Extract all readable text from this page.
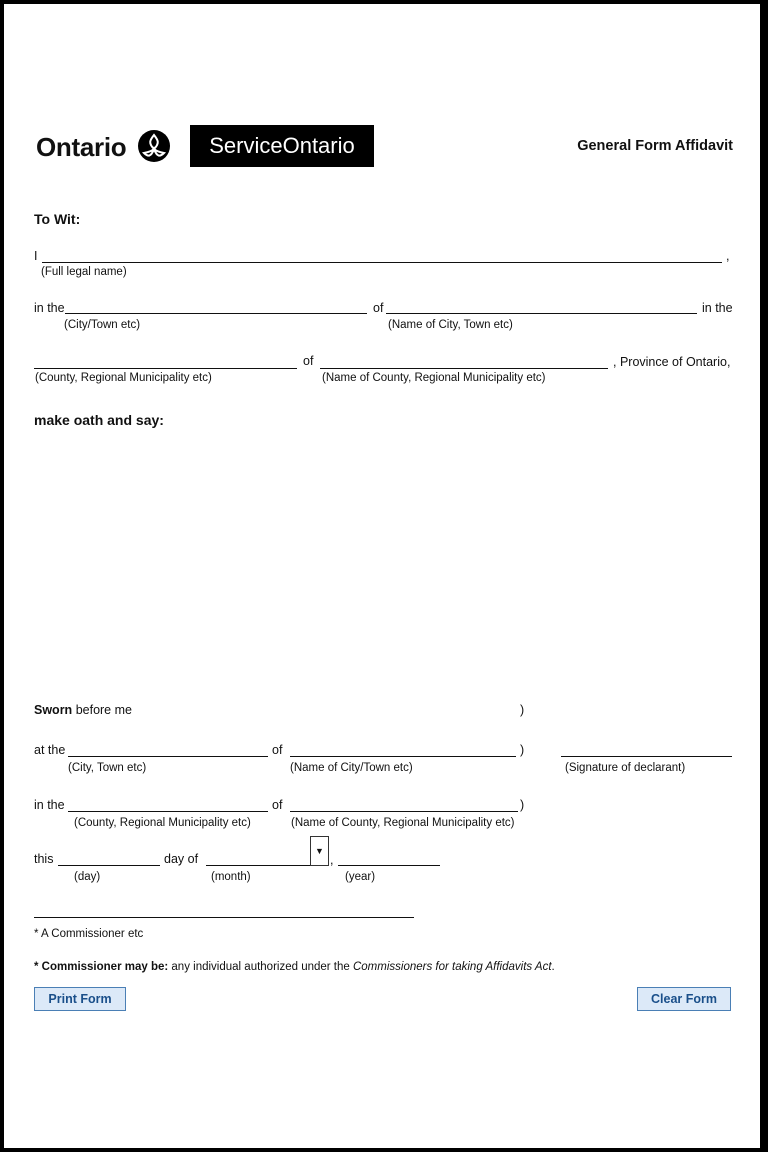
Ontario	ServiceOntario	General Form Affidavit
To Wit:
I	,
(Full legal name)
in the	of	in the
(City/Town etc)	(Name of City, Town etc)
of	, Province of Ontario,
(County, Regional Municipality etc)	(Name of County, Regional Municipality etc)
make oath and say:
Sworn before me	)
at the	of	)
(City, Town etc)	(Name of City/Town etc)	(Signature of declarant)
in the	of	)
(County, Regional Municipality etc)	(Name of County, Regional Municipality etc)
this	day of
▼
,
(day)	(month)	(year)
* A Commissioner etc
* Commissioner may be: any individual authorized under the Commissioners for taking Affidavits Act.
Print Form	Clear Form
